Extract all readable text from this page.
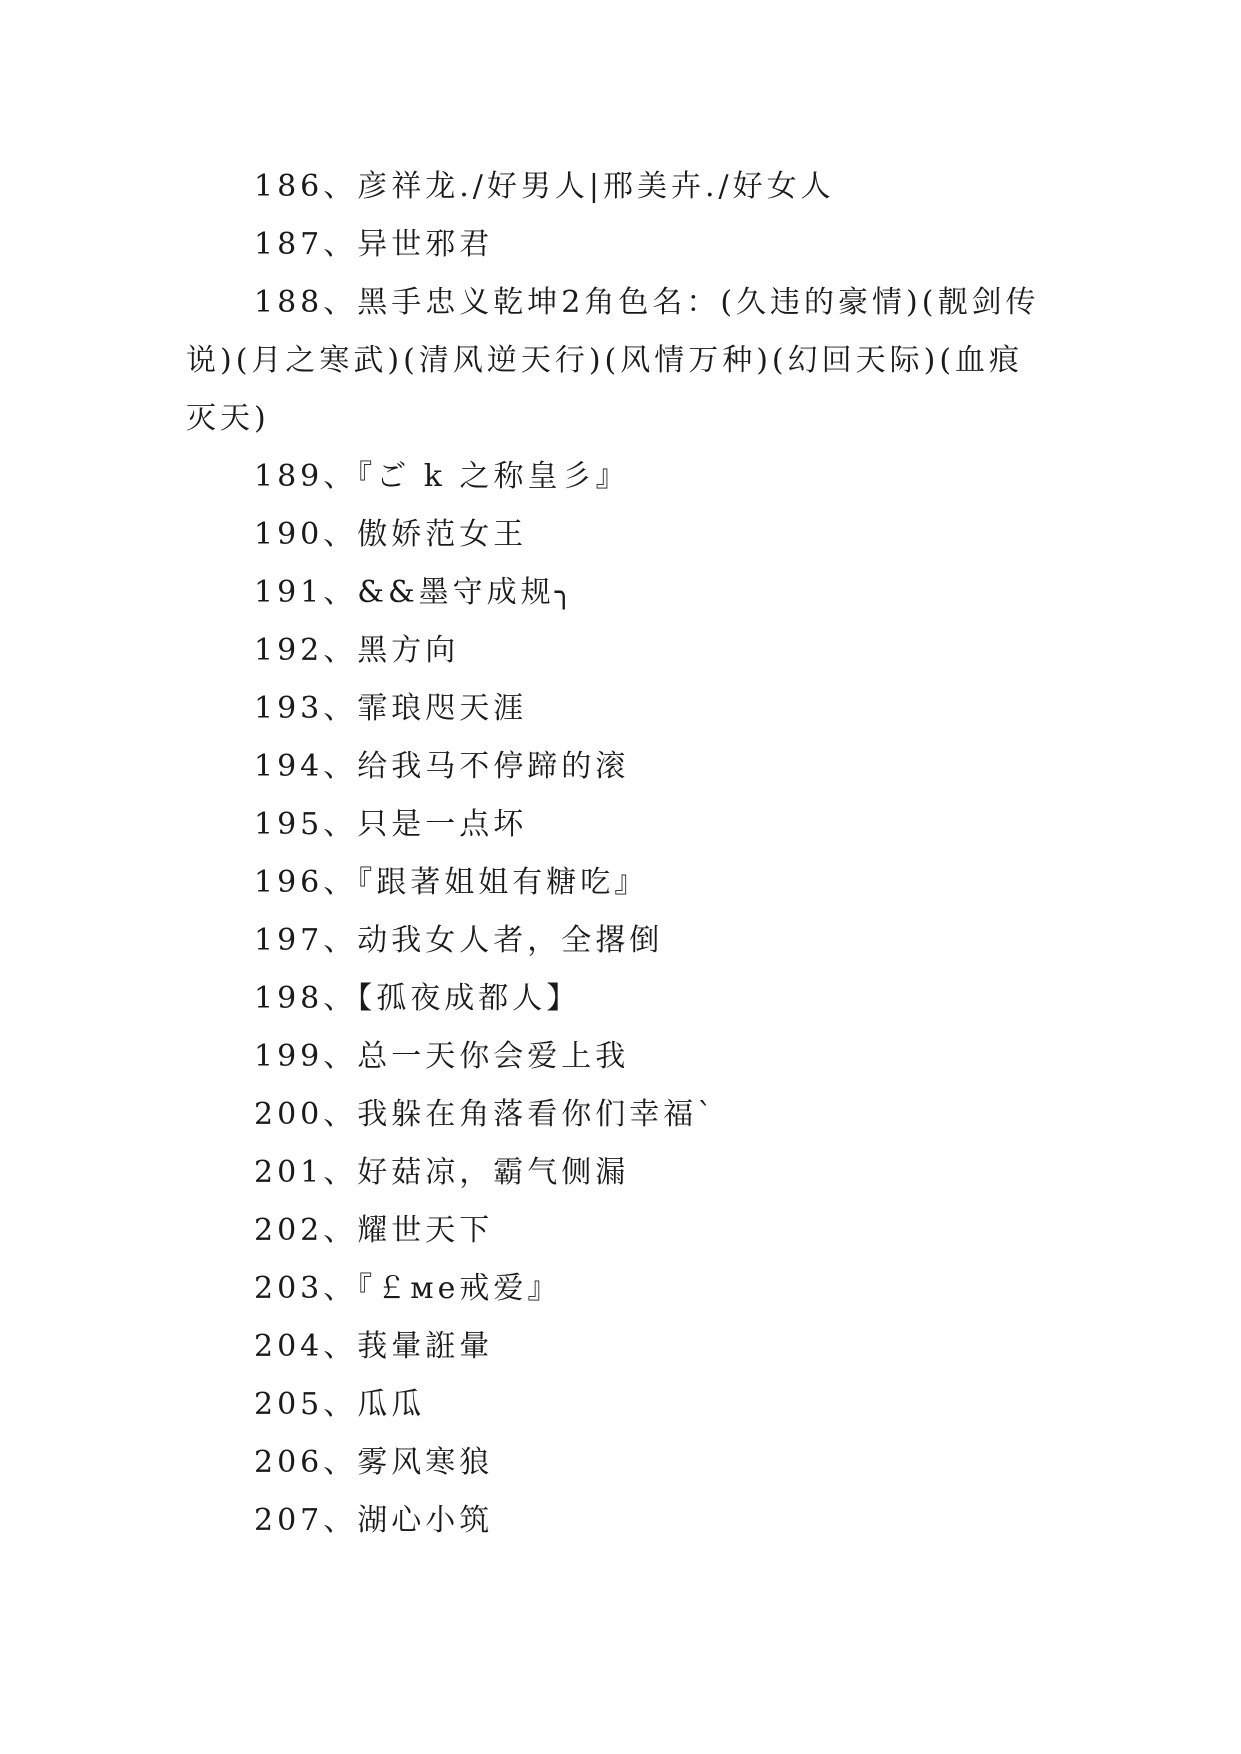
186、彦祥龙./好男人|邢美卉./好女人

187、异世邪君

188、黑手忠义乾坤2角色名：(久违的豪情)(靓剑传说)(月之寒武)(清风逆天行)(风情万种)(幻回天际)(血痕灭天)

189、『ご k 之称皇彡』

190、傲娇范女王

191、&&墨守成规╮

192、黑方向

193、霏琅咫天涯

194、给我马不停蹄的滚

195、只是一点坏

196、『跟著姐姐有糖吃』

197、动我女人者，全撂倒

198、【孤夜成都人】

199、总一天你会爱上我

200、我躲在角落看你们幸福ˋ

201、好菇凉，霸气侧漏

202、耀世天下

203、『￡мe戒爱』

204、莪暈誑暈

205、瓜瓜

206、雾风寒狼

207、湖心小筑
